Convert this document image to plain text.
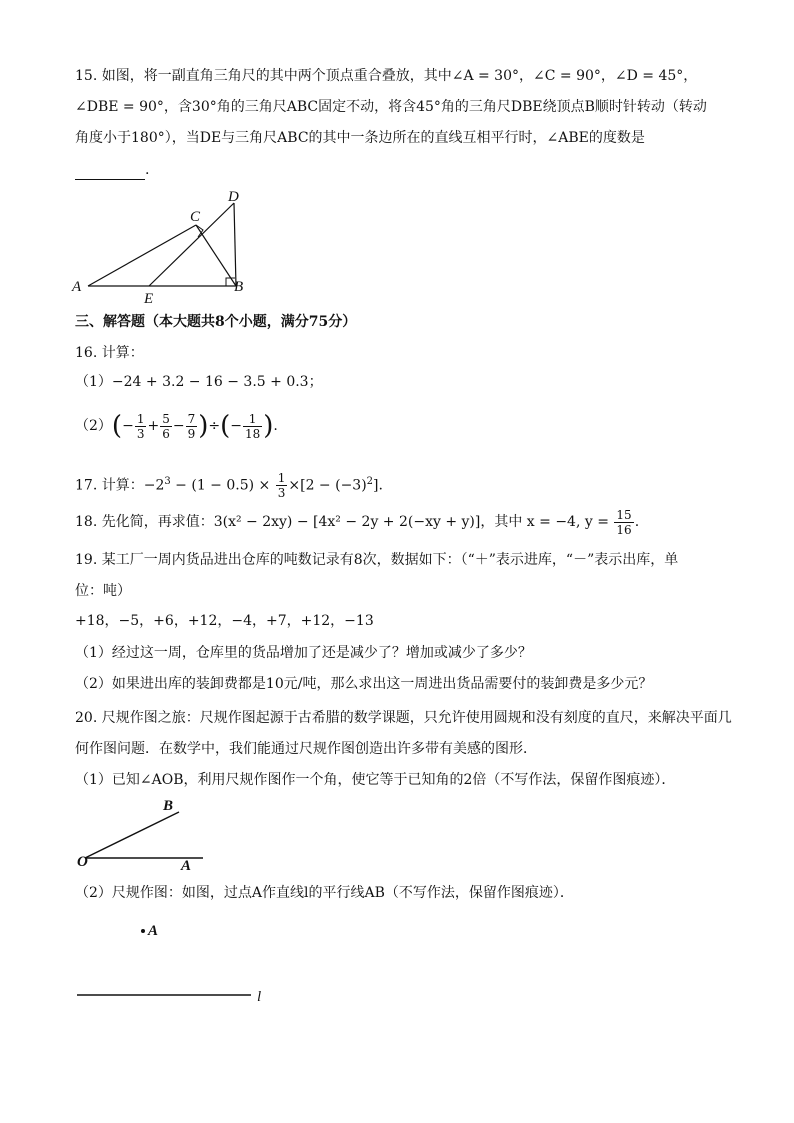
15. 如图，将一副直角三角尺的其中两个顶点重合叠放，其中∠A = 30°，∠C = 90°，∠D = 45°，
∠DBE = 90°，含30°角的三角尺ABC固定不动，将含45°角的三角尺DBE绕顶点B顺时针转动（转动
角度小于180°），当DE与三角尺ABC的其中一条边所在的直线互相平行时，∠ABE的度数是
.
A	B
C
D
E
三、解答题（本大题共8个小题，满分75分）
16. 计算：
（1）−24 + 3.2 − 16 − 3.5 + 0.3；
$(2)(- \frac{1}{3} + \frac{5}{6} - \frac{7}{9}$ )÷(− $\frac{1}{18}$ ).
17. 计算：$-2^3 - (1 - 0.5) \times \frac{1}{3} \times[2 - (-3)^2]$.
18. 先化简，再求值：3(x² − 2xy) − [4x² − 2y + 2(−xy + y)]，其中 x = −4, $y = \frac{15}{16}$ .
19. 某工厂一周内货品进出仓库的吨数记录有8次，数据如下：（“＋”表示进库，“－”表示出库，单
位：吨）
+18，−5，+6，+12，−4，+7，+12，−13
（1）经过这一周，仓库里的货品增加了还是减少了？增加或减少了多少？
（2）如果进出库的装卸费都是10元/吨，那么求出这一周进出货品需要付的装卸费是多少元？
20. 尺规作图之旅：尺规作图起源于古希腊的数学课题，只允许使用圆规和没有刻度的直尺，来解决平面几
何作图问题．在数学中，我们能通过尺规作图创造出许多带有美感的图形．
（1）已知∠AOB，利用尺规作图作一个角，使它等于已知角的2倍（不写作法，保留作图痕迹）．
O	A
B
（2）尺规作图：如图，过点A作直线l的平行线AB（不写作法，保留作图痕迹）．
A
l
